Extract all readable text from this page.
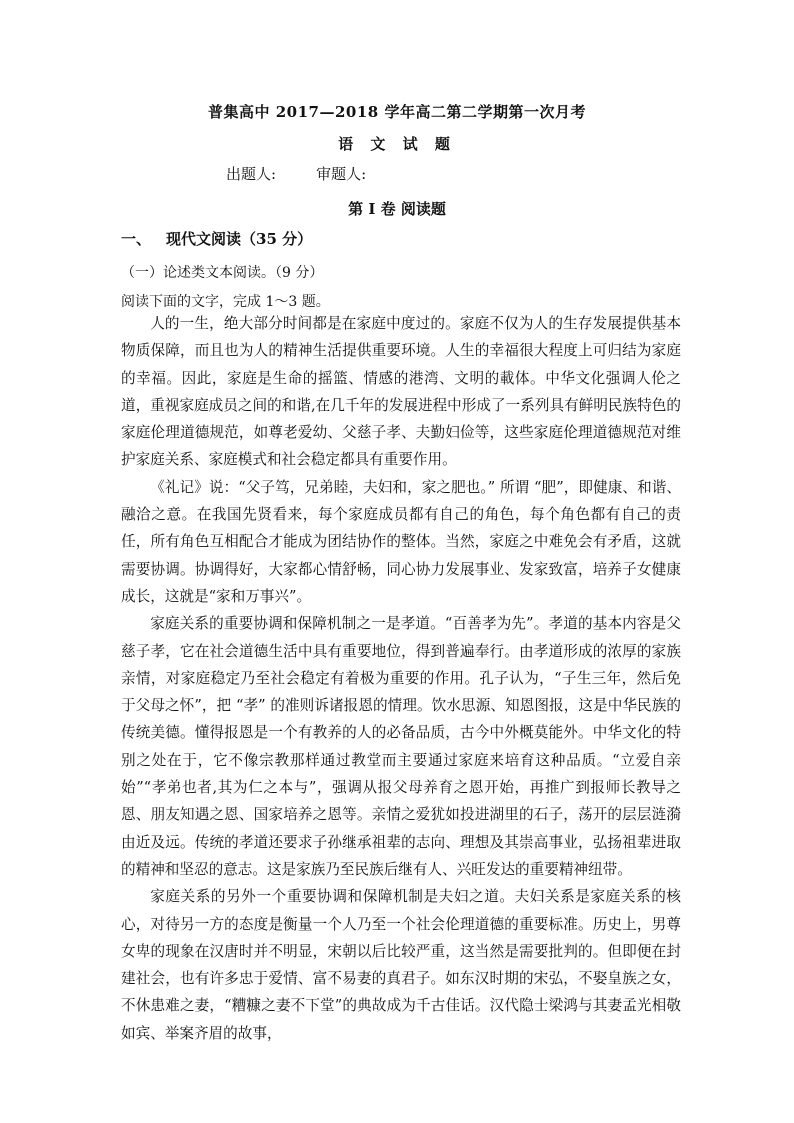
普集高中 2017—2018 学年高二第二学期第一次月考
语 文 试 题
出题人:	审题人:
第 I 卷 阅读题
一、 现代文阅读（35 分）
（一）论述类文本阅读。（9 分）
阅读下面的文字，完成 1～3 题。

人的一生，绝大部分时间都是在家庭中度过的。家庭不仅为人的生存发展提供基本物质保障，而且也为人的精神生活提供重要环境。人生的幸福很大程度上可归结为家庭的幸福。因此，家庭是生命的摇篮、情感的港湾、文明的載体。中华文化强调人伦之道，重视家庭成员之间的和谐,在几千年的发展进程中形成了一系列具有鲜明民族特色的家庭伦理道德规范，如尊老爱幼、父慈子孝、夫勤妇俭等，这些家庭伦理道德规范对维护家庭关系、家庭模式和社会稳定都具有重要作用。

《礼记》说：“父子笃，兄弟睦，夫妇和，家之肥也。” 所谓 “肥”，即健康、和谐、融洽之意。在我国先贤看来，每个家庭成员都有自己的角色，每个角色都有自己的责任，所有角色互相配合才能成为团结协作的整体。当然，家庭之中难免会有矛盾，这就需要协调。协调得好，大家都心情舒畅，同心协力发展事业、发家致富，培养子女健康成长，这就是“家和万事兴”。

家庭关系的重要协调和保障机制之一是孝道。“百善孝为先”。孝道的基本内容是父慈子孝，它在社会道德生活中具有重要地位，得到普遍奉行。由孝道形成的浓厚的家族亲情，对家庭稳定乃至社会稳定有着极为重要的作用。孔子认为，“子生三年，然后免于父母之怀”，把 “孝” 的准则诉诸报恩的情理。饮水思源、知恩图报，这是中华民族的传统美德。懂得报恩是一个有教养的人的必备品质，古今中外概莫能外。中华文化的特别之处在于，它不像宗教那样通过教堂而主要通过家庭来培育这种品质。“立爱自亲始”“孝弟也者,其为仁之本与”，强调从报父母养育之恩开始，再推广到报师长教导之恩、朋友知遇之恩、国家培养之恩等。亲情之爱犹如投进湖里的石子，荡开的层层涟漪由近及远。传统的孝道还要求子孙继承祖辈的志向、理想及其崇高事业，弘扬祖辈进取的精神和坚忍的意志。这是家族乃至民族后继有人、兴旺发达的重要精神纽带。

家庭关系的另外一个重要协调和保障机制是夫妇之道。夫妇关系是家庭关系的核心，对待另一方的态度是衡量一个人乃至一个社会伦理道德的重要标准。历史上，男尊女卑的现象在汉唐时并不明显，宋朝以后比较严重，这当然是需要批判的。但即便在封建社会，也有许多忠于爱情、富不易妻的真君子。如东汉时期的宋弘，不娶皇族之女，不休患难之妻，“糟糠之妻不下堂”的典故成为千古佳话。汉代隐士梁鸿与其妻孟光相敬如宾、举案齐眉的故事，
